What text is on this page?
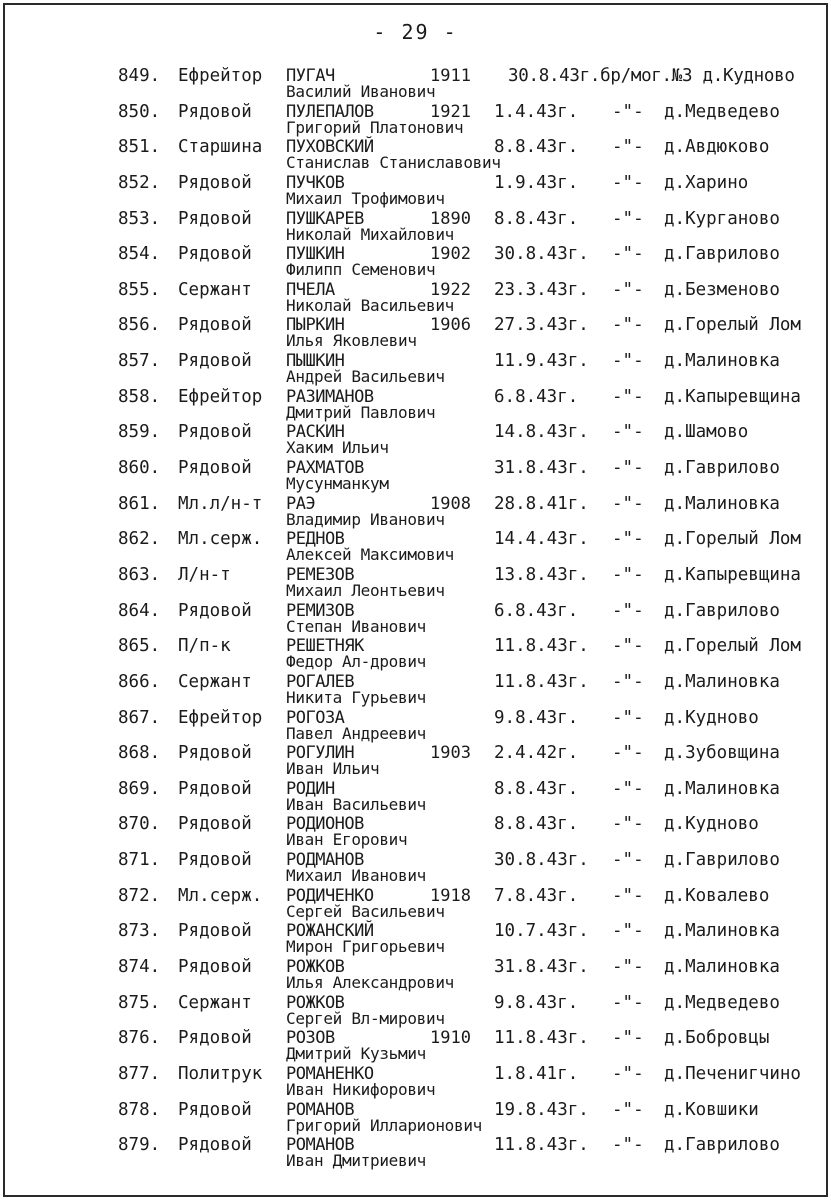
- 29 -
849. Ефрейтор ПУГАЧ	1911 30.8.43г.бр/мог.№3 д.Кудново
Василий Иванович
850. Рядовой ПУЛЕПАЛОВ	1921 1.4.43г. -"- д.Медведево
Григорий Платонович
851. Старшина ПУХОВСКИЙ	8.8.43г. -"- д.Авдюково
Станислав Станиславович
852. Рядовой ПУЧКОВ	1.9.43г. -"- д.Харино
Михаил Трофимович
853. Рядовой ПУШКАРЕВ	1890 8.8.43г. -"- д.Курганово
Николай Михайлович
854. Рядовой ПУШКИН	1902 30.8.43г. -"- д.Гаврилово
Филипп Семенович
855. Сержант ПЧЕЛА	1922 23.3.43г. -"- д.Безменово
Николай Васильевич
856. Рядовой ПЫРКИН	1906 27.3.43г. -"- д.Горелый Лом
Илья Яковлевич
857. Рядовой ПЫШКИН	11.9.43г. -"- д.Малиновка
Андрей Васильевич
858. Ефрейтор РАЗИМАНОВ	6.8.43г. -"- д.Капыревщина
Дмитрий Павлович
859. Рядовой РАСКИН	14.8.43г. -"- д.Шамово
Хаким Ильич
860. Рядовой РАХМАТОВ	31.8.43г. -"- д.Гаврилово
Мусунманкум
861. Мл.л/н-т РАЭ	1908 28.8.41г. -"- д.Малиновка
Владимир Иванович
862. Мл.серж. РЕДНОВ	14.4.43г. -"- д.Горелый Лом
Алексей Максимович
863. Л/н-т	РЕМЕЗОВ	13.8.43г. -"- д.Капыревщина
Михаил Леонтьевич
864. Рядовой РЕМИЗОВ	6.8.43г. -"- д.Гаврилово
Степан Иванович
865. П/п-к	РЕШЕТНЯК	11.8.43г. -"- д.Горелый Лом
Федор Ал-дрович
866. Сержант РОГАЛЕВ	11.8.43г. -"- д.Малиновка
Никита Гурьевич
867. Ефрейтор РОГОЗА	9.8.43г. -"- д.Кудново
Павел Андреевич
868. Рядовой РОГУЛИН	1903 2.4.42г. -"- д.Зубовщина
Иван Ильич
869. Рядовой РОДИН	8.8.43г. -"- д.Малиновка
Иван Васильевич
870. Рядовой РОДИОНОВ	8.8.43г. -"- д.Кудново
Иван Егорович
871. Рядовой РОДМАНОВ	30.8.43г. -"- д.Гаврилово
Михаил Иванович
872. Мл.серж. РОДИЧЕНКО	1918 7.8.43г. -"- д.Ковалево
Сергей Васильевич
873. Рядовой РОЖАНСКИЙ	10.7.43г. -"- д.Малиновка
Мирон Григорьевич
874. Рядовой РОЖКОВ	31.8.43г. -"- д.Малиновка
Илья Александрович
875. Сержант РОЖКОВ	9.8.43г. -"- д.Медведево
Сергей Вл-мирович
876. Рядовой РОЗОВ	1910 11.8.43г. -"- д.Бобровцы
Дмитрий Кузьмич
877. Политрук РОМАНЕНКО	1.8.41г. -"- д.Печенигчино
Иван Никифорович
878. Рядовой РОМАНОВ	19.8.43г. -"- д.Ковшики
Григорий Илларионович
879. Рядовой РОМАНОВ	11.8.43г. -"- д.Гаврилово
Иван Дмитриевич
